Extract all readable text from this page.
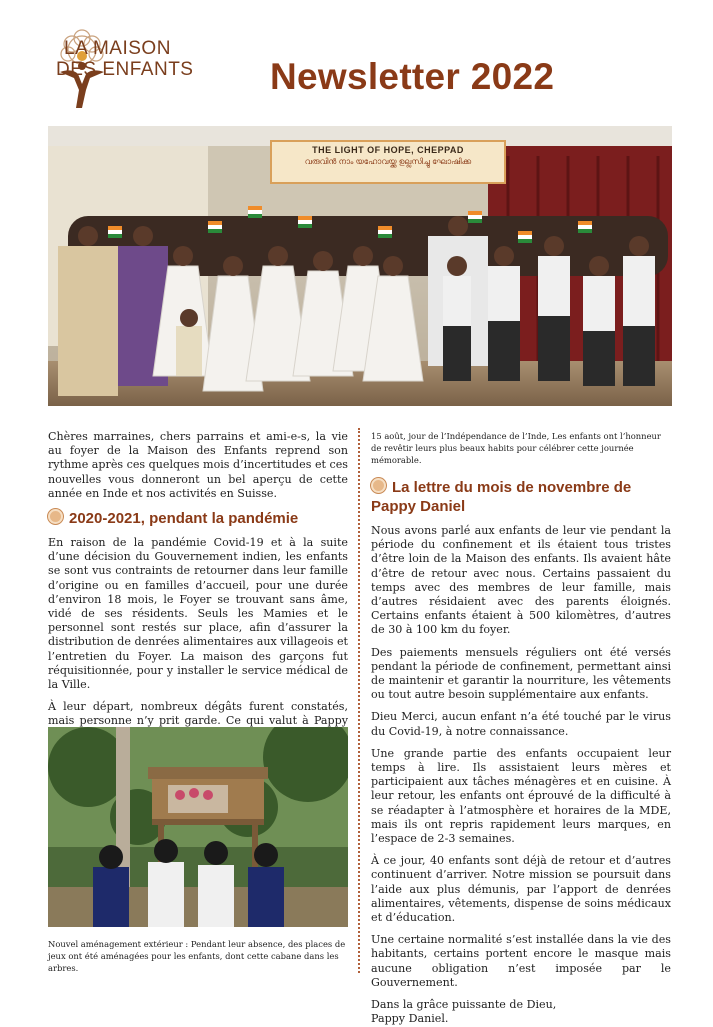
LA MAISON
DES ENFANTS Newsletter 2022
THE LIGHT OF HOPE, CHEPPAD
വരുവിൻ നാം യഹോവയ്ക്കു ഉല്ലസിച്ചു ഘോഷിക്ക

Chères marraines, chers parrains et ami-e-s, la vie au foyer de la Maison des Enfants reprend son rythme après ces quelques mois d’incertitudes et ces nouvelles vous donneront un bel aperçu de cette année en Inde et nos activités en Suisse.

2020-2021, pendant la pandémie

En raison de la pandémie Covid-19 et à la suite d’une décision du Gouvernement indien, les enfants se sont vus contraints de retourner dans leur famille d’origine ou en familles d’accueil, pour une durée d’environ 18 mois, le Foyer se trouvant sans âme, vidé de ses résidents. Seuls les Mamies et le personnel sont restés sur place, afin d’assurer la distribution de denrées alimentaires aux villageois et l’entretien du Foyer. La maison des garçons fut réquisitionnée, pour y installer le service médical de la Ville.

À leur départ, nombreux dégâts furent constatés, mais personne n’y prit garde. Ce qui valut à Pappy

Nouvel aménagement extérieur : Pendant leur absence, des places de jeux ont été aménagées pour les enfants, dont cette cabane dans les arbres.

15 août, jour de l’Indépendance de l’Inde, Les enfants ont l’honneur de revêtir leurs plus beaux habits pour célébrer cette journée mémorable.

La lettre du mois de novembre de Pappy Daniel

Nous avons parlé aux enfants de leur vie pendant la période du confinement et ils étaient tous tristes d’être loin de la Maison des enfants. Ils avaient hâte d’être de retour avec nous. Certains passaient du temps avec des membres de leur famille, mais d’autres résidaient avec des parents éloignés. Certains enfants étaient à 500 kilomètres, d’autres de 30 à 100 km du foyer.

Des paiements mensuels réguliers ont été versés pendant la période de confinement, permettant ainsi de maintenir et garantir la nourriture, les vêtements ou tout autre besoin supplémentaire aux enfants.

Dieu Merci, aucun enfant n’a été touché par le virus du Covid-19, à notre connaissance.

Une grande partie des enfants occupaient leur temps à lire. Ils assistaient leurs mères et participaient aux tâches ménagères et en cuisine. À leur retour, les enfants ont éprouvé de la difficulté à se réadapter à l’atmosphère et horaires de la MDE, mais ils ont repris rapidement leurs marques, en l’espace de 2-3 semaines.

À ce jour, 40 enfants sont déjà de retour et d’autres continuent d’arriver. Notre mission se poursuit dans l’aide aux plus démunis, par l’apport de denrées alimentaires, vêtements, dispense de soins médicaux et d’éducation.

Une certaine normalité s’est installée dans la vie des habitants, certains portent encore le masque mais aucune obligation n’est imposée par le Gouvernement.

Dans la grâce puissante de Dieu,
Pappy Daniel.
